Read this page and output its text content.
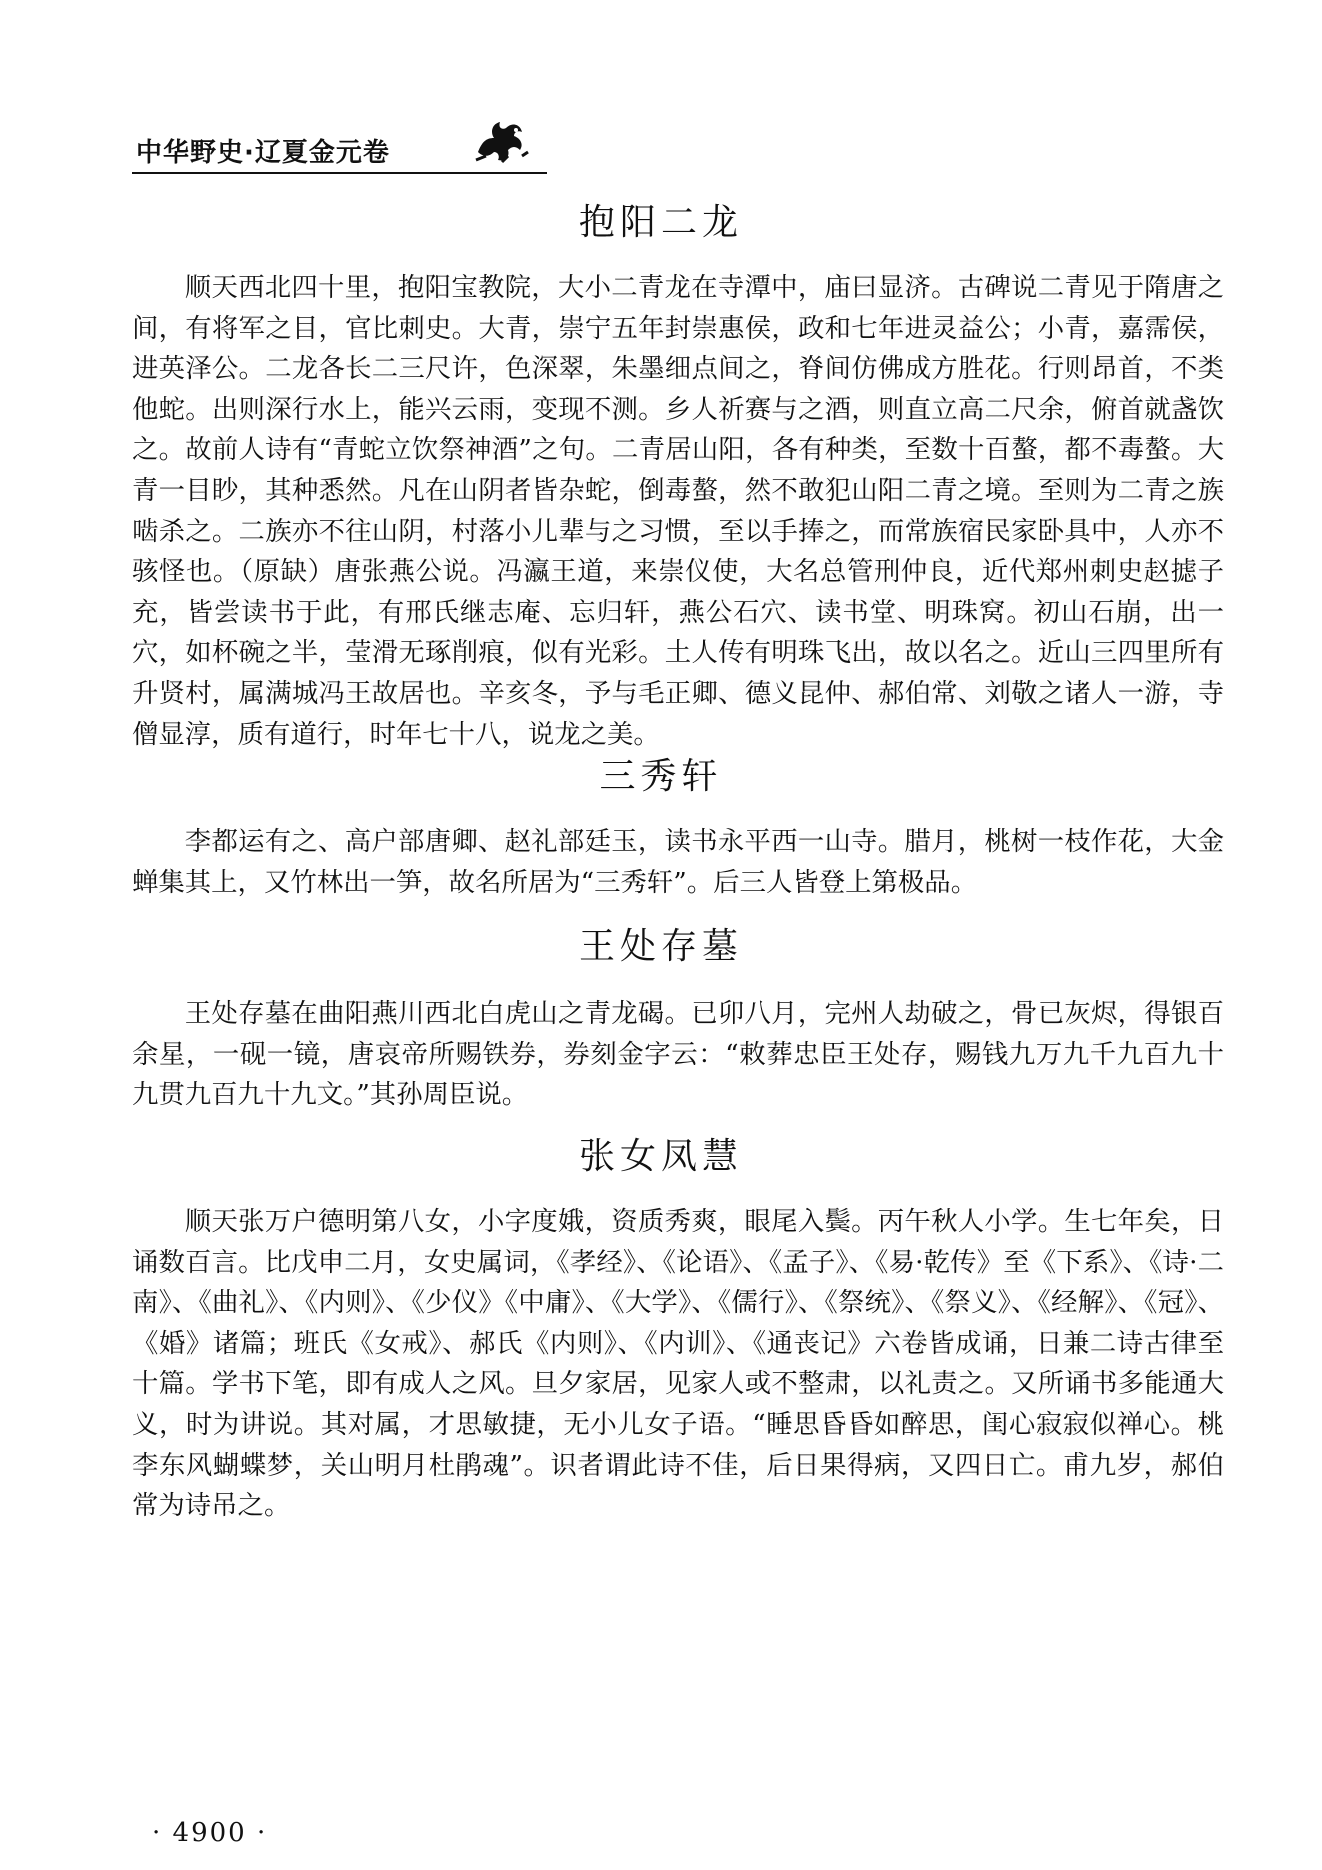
中华野史·辽夏金元卷
抱阳二龙

顺天西北四十里，抱阳宝教院，大小二青龙在寺潭中，庙曰显济。古碑说二青见于隋唐之间，有将军之目，官比刺史。大青，崇宁五年封崇惠侯，政和七年进灵益公；小青，嘉霈侯，进英泽公。二龙各长二三尺许，色深翠，朱墨细点间之，脊间仿佛成方胜花。行则昂首，不类他蛇。出则深行水上，能兴云雨，变现不测。乡人祈赛与之酒，则直立高二尺余，俯首就盏饮之。故前人诗有“青蛇立饮祭神酒”之句。二青居山阳，各有种类，至数十百螯，都不毒螯。大青一目眇，其种悉然。凡在山阴者皆杂蛇，倒毒螯，然不敢犯山阳二青之境。至则为二青之族啮杀之。二族亦不往山阴，村落小儿辈与之习惯，至以手捧之，而常族宿民家卧具中，人亦不骇怪也。（原缺）唐张燕公说。冯瀛王道，来崇仪使，大名总管刑仲良，近代郑州刺史赵摅子充，皆尝读书于此，有邢氏继志庵、忘归轩，燕公石穴、读书堂、明珠窝。初山石崩，出一穴，如杯碗之半，莹滑无琢削痕，似有光彩。土人传有明珠飞出，故以名之。近山三四里所有升贤村，属满城冯王故居也。辛亥冬，予与毛正卿、德义昆仲、郝伯常、刘敬之诸人一游，寺僧显淳，质有道行，时年七十八，说龙之美。

三秀轩

李都运有之、高户部唐卿、赵礼部廷玉，读书永平西一山寺。腊月，桃树一枝作花，大金蝉集其上，又竹林出一笋，故名所居为“三秀轩”。后三人皆登上第极品。

王处存墓

王处存墓在曲阳燕川西北白虎山之青龙碣。已卯八月，完州人劫破之，骨已灰烬，得银百余星，一砚一镜，唐哀帝所赐铁券，券刻金字云：“敕葬忠臣王处存，赐钱九万九千九百九十九贯九百九十九文。”其孙周臣说。

张女凤慧

顺天张万户德明第八女，小字度娥，资质秀爽，眼尾入鬓。丙午秋人小学。生七年矣，日诵数百言。比戊申二月，女史属词，《孝经》、《论语》、《孟子》、《易·乾传》至《下系》、《诗·二南》、《曲礼》、《内则》、《少仪》《中庸》、《大学》、《儒行》、《祭统》、《祭义》、《经解》、《冠》、《婚》诸篇；班氏《女戒》、郝氏《内则》、《内训》、《通丧记》六卷皆成诵，日兼二诗古律至十篇。学书下笔，即有成人之风。旦夕家居，见家人或不整肃，以礼责之。又所诵书多能通大义，时为讲说。其对属，才思敏捷，无小儿女子语。“睡思昏昏如醉思，闺心寂寂似禅心。桃李东风蝴蝶梦，关山明月杜鹃魂”。识者谓此诗不佳，后日果得病，又四日亡。甫九岁，郝伯常为诗吊之。

· 4900 ·
